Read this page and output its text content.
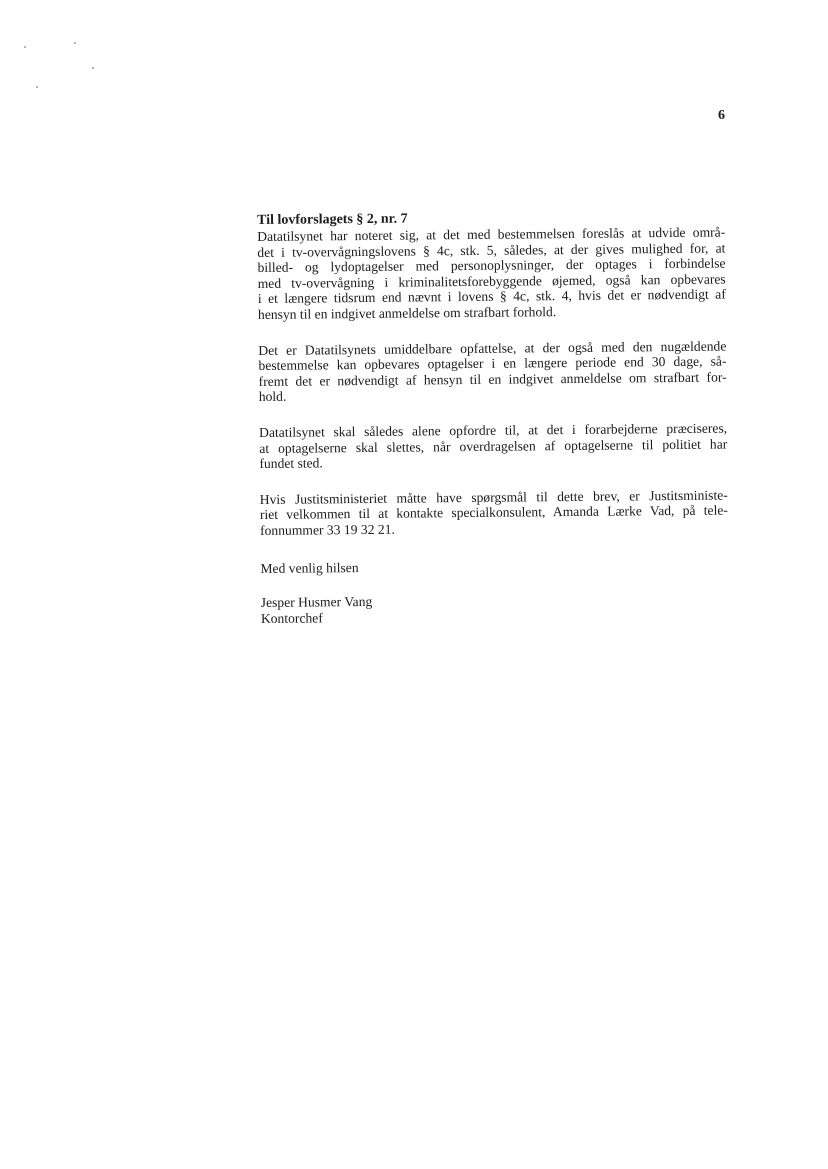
6
Til lovforslagets § 2, nr. 7
Datatilsynet har noteret sig, at det med bestemmelsen foreslås at udvide områ-
det i tv-overvågningslovens § 4c, stk. 5, således, at der gives mulighed for, at
billed- og lydoptagelser med personoplysninger, der optages i forbindelse
med tv-overvågning i kriminalitetsforebyggende øjemed, også kan opbevares
i et længere tidsrum end nævnt i lovens § 4c, stk. 4, hvis det er nødvendigt af
hensyn til en indgivet anmeldelse om strafbart forhold.
Det er Datatilsynets umiddelbare opfattelse, at der også med den nugældende
bestemmelse kan opbevares optagelser i en længere periode end 30 dage, så-
fremt det er nødvendigt af hensyn til en indgivet anmeldelse om strafbart for-
hold.
Datatilsynet skal således alene opfordre til, at det i forarbejderne præciseres,
at optagelserne skal slettes, når overdragelsen af optagelserne til politiet har
fundet sted.
Hvis Justitsministeriet måtte have spørgsmål til dette brev, er Justitsministe-
riet velkommen til at kontakte specialkonsulent, Amanda Lærke Vad, på tele-
fonnummer 33 19 32 21.

Med venlig hilsen

Jesper Husmer Vang
Kontorchef
